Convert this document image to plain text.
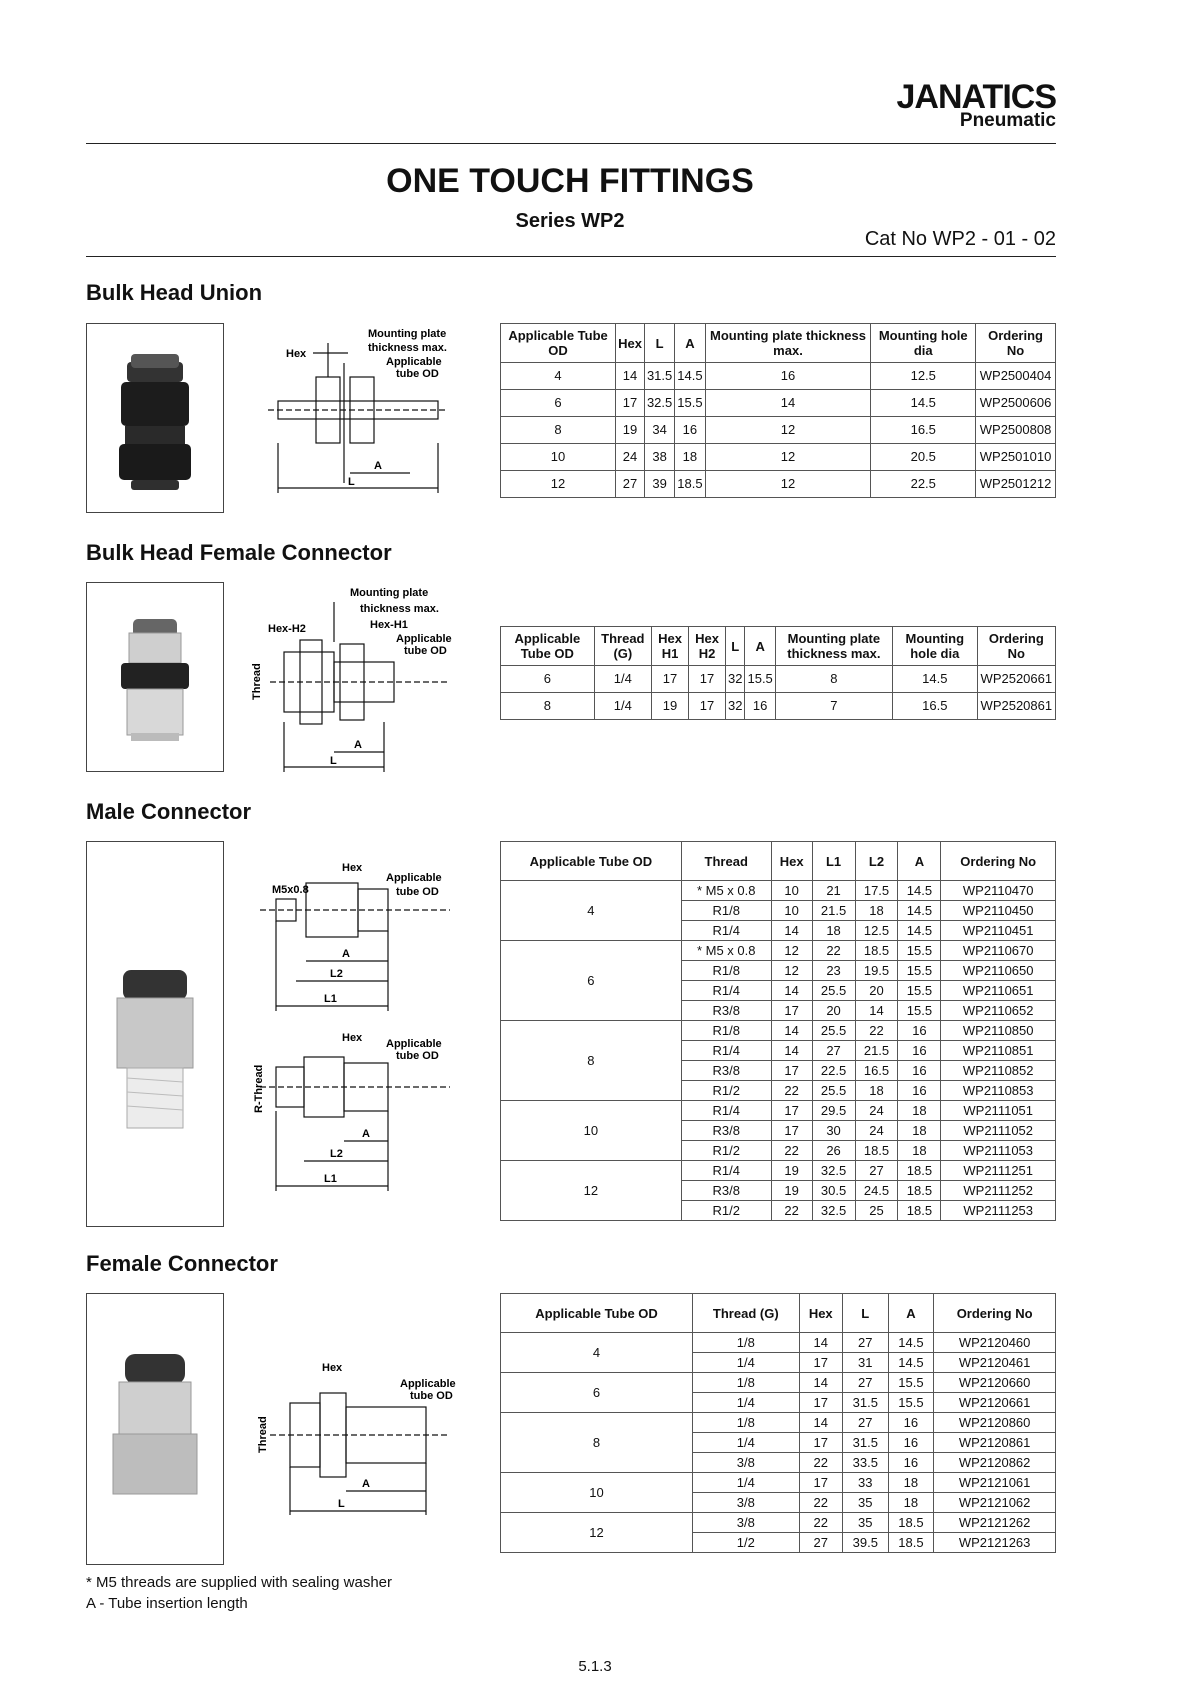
JANATICS
Pneumatic
ONE TOUCH FITTINGS
Series WP2
Cat No WP2 - 01 - 02
Bulk Head Union
Hex
Mounting plate
thickness max.
Applicable
tube OD
A
L
Applicable Tube OD	Hex	L	A	Mounting plate thickness max.	Mounting hole dia	Ordering No
4	14	31.5	14.5	16	12.5	WP2500404
6	17	32.5	15.5	14	14.5	WP2500606
8	19	34	16	12	16.5	WP2500808
10	24	38	18	12	20.5	WP2501010
12	27	39	18.5	12	22.5	WP2501212
Bulk Head Female Connector
Mounting plate
thickness max.
Hex-H2	Hex-H1
Applicable
tube OD
Thread
A
L
Applicable Tube OD	Thread (G)	Hex H1	Hex H2	L	A	Mounting plate thickness max.	Mounting hole dia	Ordering No
6	1/4	17	17	32	15.5	8	14.5	WP2520661
8	1/4	19	17	32	16	7	16.5	WP2520861
Male Connector
M5x0.8
Hex
Applicable
tube OD
A
L2
L1
Hex Applicable
tube OD
R-Thread
A
L2
L1
Applicable Tube OD	Thread	Hex	L1	L2	A	Ordering No
4	* M5 x 0.8	10	21	17.5	14.5	WP2110470
	R1/8	10	21.5	18	14.5	WP2110450
	R1/4	14	18	12.5	14.5	WP2110451
6	* M5 x 0.8	12	22	18.5	15.5	WP2110670
	R1/8	12	23	19.5	15.5	WP2110650
	R1/4	14	25.5	20	15.5	WP2110651
	R3/8	17	20	14	15.5	WP2110652
8	R1/8	14	25.5	22	16	WP2110850
	R1/4	14	27	21.5	16	WP2110851
	R3/8	17	22.5	16.5	16	WP2110852
	R1/2	22	25.5	18	16	WP2110853
10	R1/4	17	29.5	24	18	WP2111051
	R3/8	17	30	24	18	WP2111052
	R1/2	22	26	18.5	18	WP2111053
12	R1/4	19	32.5	27	18.5	WP2111251
	R3/8	19	30.5	24.5	18.5	WP2111252
	R1/2	22	32.5	25	18.5	WP2111253
Female Connector
Hex
Applicable
tube OD
Thread
A
L
Applicable Tube OD	Thread (G)	Hex	L	A	Ordering No
4	1/8	14	27	14.5	WP2120460
	1/4	17	31	14.5	WP2120461
6	1/8	14	27	15.5	WP2120660
	1/4	17	31.5	15.5	WP2120661
8	1/8	14	27	16	WP2120860
	1/4	17	31.5	16	WP2120861
	3/8	22	33.5	16	WP2120862
10	1/4	17	33	18	WP2121061
	3/8	22	35	18	WP2121062
12	3/8	22	35	18.5	WP2121262
	1/2	27	39.5	18.5	WP2121263
* M5 threads are supplied with sealing washer
A - Tube insertion length
5.1.3
